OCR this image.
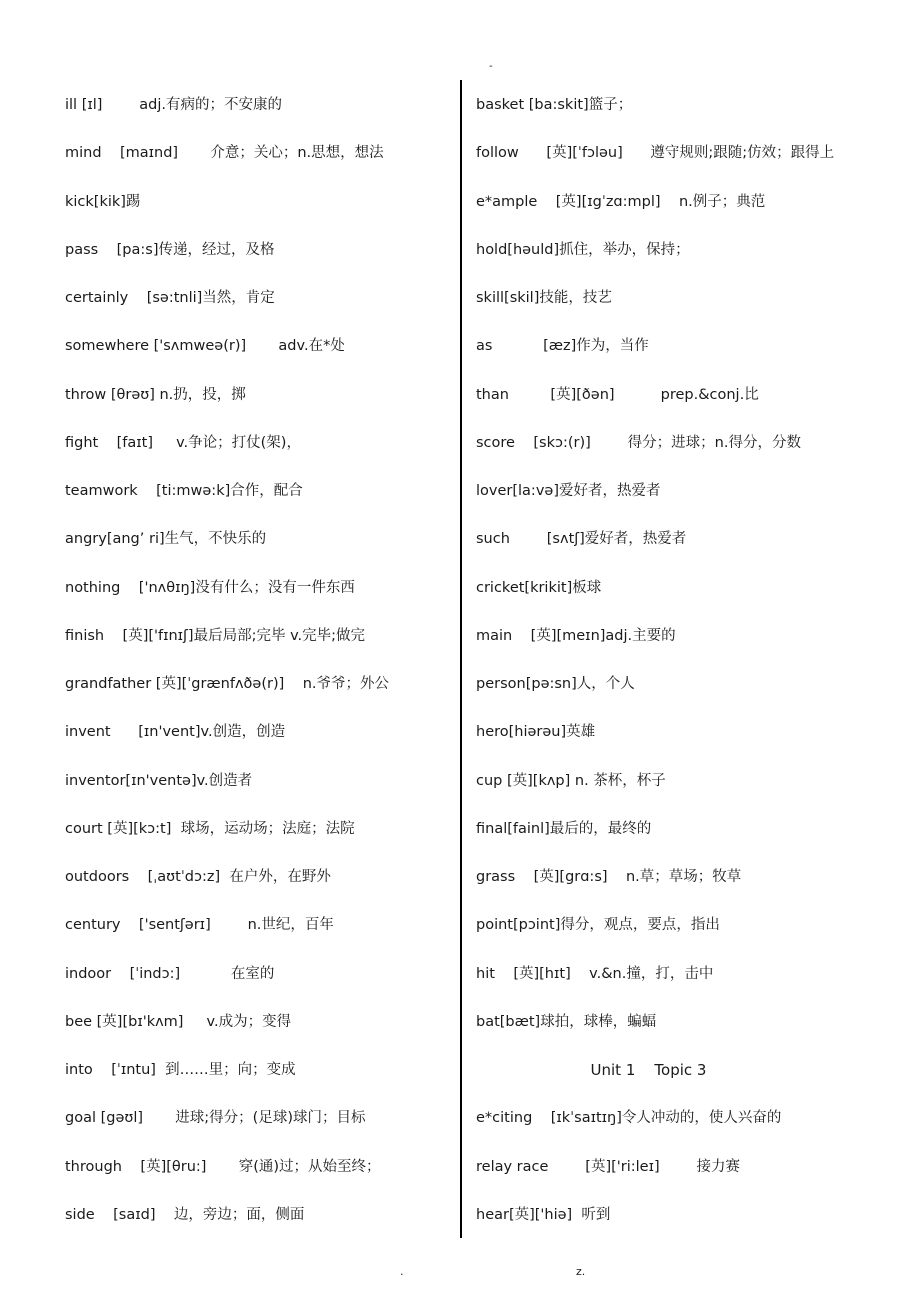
-
ill [ɪl]        adj.有病的；不安康的
mind    [maɪnd]       介意；关心；n.思想，想法
kick[kik]踢
pass    [pa:s]传递，经过，及格
certainly    [sə:tnli]当然，肯定
somewhere ['sʌmweə(r)]       adv.在*处
throw [θrəʊ] n.扔，投，掷
fight    [faɪt]     v.争论；打仗(架)，
teamwork    [ti:mwə:k]合作，配合
angry[ang’ ri]生气，不快乐的
nothing    ['nʌθɪŋ]没有什么；没有一件东西
finish    [英]['fɪnɪʃ]最后局部;完毕 v.完毕;做完
grandfather [英][ˈgrænfʌðə(r)]    n.爷爷；外公
invent      [ɪn'vent]v.创造，创造
inventor[ɪn'ventə]v.创造者
court [英][kɔ:t]  球场，运动场；法庭；法院
outdoors    [ˌaʊtˈdɔ:z]  在户外，在野外
century    ['sentʃərɪ]        n.世纪，百年
indoor    [ˈindɔ:]           在室的
bee [英][bɪ'kʌm]     v.成为；变得
into    [ˈɪntu]  到……里；向；变成
goal [gəʊl]       进球;得分；(足球)球门；目标
through    [英][θru:]       穿(通)过；从始至终；
side    [saɪd]    边，旁边；面，侧面
basket [ba:skit]篮子；
follow      [英][ˈfɔləu]      遵守规则;跟随;仿效；跟得上
e*ample    [英][ɪgˈzɑ:mpl]    n.例子；典范
hold[həuld]抓住，举办，保持；
skill[skil]技能，技艺
as           [æz]作为，当作
than         [英][ðən]          prep.&conj.比
score    [skɔ:(r)]        得分；进球；n.得分，分数
lover[la:və]爱好者，热爱者
such        [sʌtʃ]爱好者，热爱者
cricket[krikit]板球
main    [英][meɪn]adj.主要的
person[pə:sn]人，个人
hero[hiərəu]英雄
cup [英][kʌp] n. 茶杯，杯子
final[fainl]最后的，最终的
grass    [英][grɑ:s]    n.草；草场；牧草
point[pɔint]得分，观点，要点，指出
hit    [英][hɪt]    v.&n.撞，打，击中
bat[bæt]球拍，球棒，蝙蝠
Unit 1    Topic 3
e*citing    [ɪkˈsaɪtɪŋ]令人冲动的，使人兴奋的
relay race        [英]['ri:leɪ]        接力赛
hear[英]['hiə]  听到
.	z.
